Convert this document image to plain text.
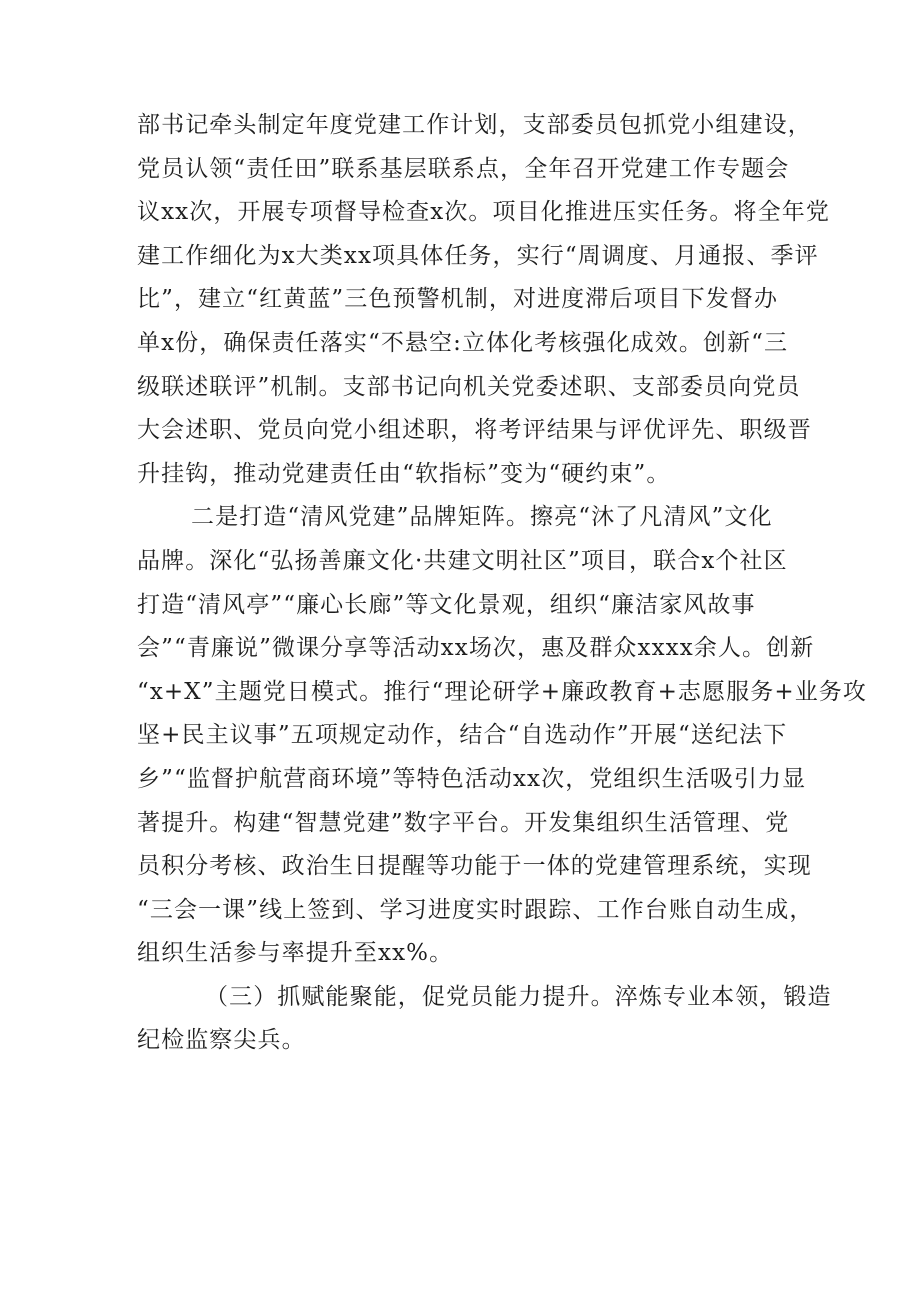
部书记牵头制定年度党建工作计划，支部委员包抓党小组建设，
党员认领“责任田”联系基层联系点，全年召开党建工作专题会
议xx次，开展专项督导检查x次。项目化推进压实任务。将全年党
建工作细化为x大类xx项具体任务，实行“周调度、月通报、季评
比”，建立“红黄蓝”三色预警机制，对进度滞后项目下发督办
单x份，确保责任落实“不悬空:立体化考核强化成效。创新“三
级联述联评”机制。支部书记向机关党委述职、支部委员向党员
大会述职、党员向党小组述职，将考评结果与评优评先、职级晋
升挂钩，推动党建责任由“软指标”变为“硬约束”。
二是打造“清风党建”品牌矩阵。擦亮“沐了凡清风”文化
品牌。深化“弘扬善廉文化·共建文明社区”项目，联合x个社区
打造“清风亭”“廉心长廊”等文化景观，组织“廉洁家风故事
会”“青廉说”微课分享等活动xx场次，惠及群众xxxx余人。创新
“x+X”主题党日模式。推行“理论研学+廉政教育+志愿服务+业务攻
坚+民主议事”五项规定动作，结合“自选动作”开展“送纪法下
乡”“监督护航营商环境”等特色活动xx次，党组织生活吸引力显
著提升。构建“智慧党建”数字平台。开发集组织生活管理、党
员积分考核、政治生日提醒等功能于一体的党建管理系统，实现
“三会一课”线上签到、学习进度实时跟踪、工作台账自动生成，
组织生活参与率提升至xx%。
（三）抓赋能聚能，促党员能力提升。淬炼专业本领，锻造
纪检监察尖兵。
